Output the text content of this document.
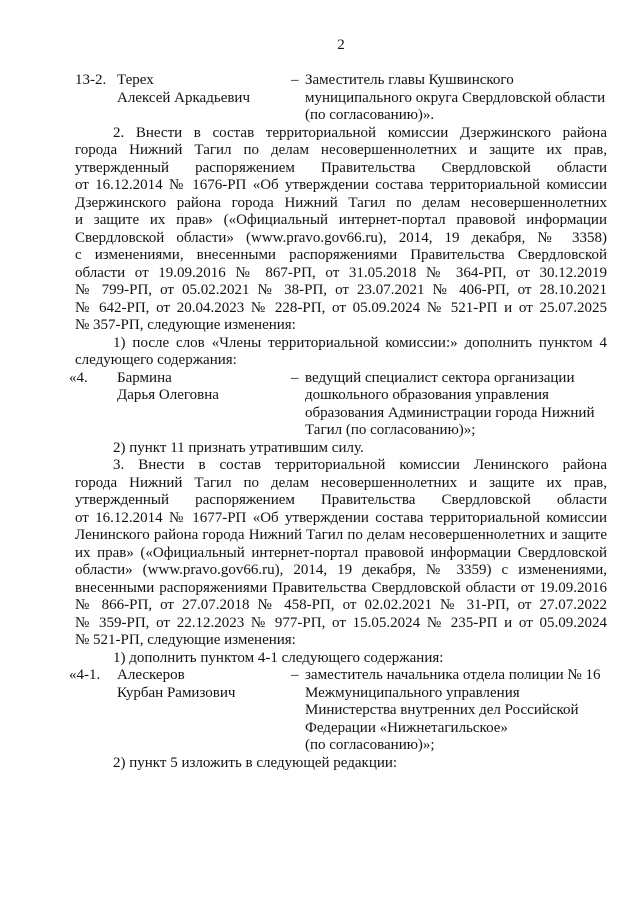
2
13-2. Терех
Алексей Аркадьевич
– Заместитель главы Кушвинского
муниципального округа Свердловской области
(по согласованию)».
2. Внести в состав территориальной комиссии Дзержинского района
города Нижний Тагил по делам несовершеннолетних и защите их прав,
утвержденный распоряжением Правительства Свердловской области
от 16.12.2014 № 1676-РП «Об утверждении состава территориальной комиссии
Дзержинского района города Нижний Тагил по делам несовершеннолетних
и защите их прав» («Официальный интернет-портал правовой информации
Свердловской области» (www.pravo.gov66.ru), 2014, 19 декабря, № 3358)
с изменениями, внесенными распоряжениями Правительства Свердловской
области от 19.09.2016 № 867-РП, от 31.05.2018 № 364-РП, от 30.12.2019
№ 799-РП, от 05.02.2021 № 38-РП, от 23.07.2021 № 406-РП, от 28.10.2021
№ 642-РП, от 20.04.2023 № 228-РП, от 05.09.2024 № 521-РП и от 25.07.2025
№ 357-РП, следующие изменения:
1) после слов «Члены территориальной комиссии:» дополнить пунктом 4
следующего содержания:
«4.	Бармина
Дарья Олеговна
– ведущий специалист сектора организации
дошкольного образования управления
образования Администрации города Нижний
Тагил (по согласованию)»;
2) пункт 11 признать утратившим силу.
3. Внести в состав территориальной комиссии Ленинского района
города Нижний Тагил по делам несовершеннолетних и защите их прав,
утвержденный распоряжением Правительства Свердловской области
от 16.12.2014 № 1677-РП «Об утверждении состава территориальной комиссии
Ленинского района города Нижний Тагил по делам несовершеннолетних и защите
их прав» («Официальный интернет-портал правовой информации Свердловской
области» (www.pravo.gov66.ru), 2014, 19 декабря, № 3359) с изменениями,
внесенными распоряжениями Правительства Свердловской области от 19.09.2016
№ 866-РП, от 27.07.2018 № 458-РП, от 02.02.2021 № 31-РП, от 27.07.2022
№ 359-РП, от 22.12.2023 № 977-РП, от 15.05.2024 № 235-РП и от 05.09.2024
№ 521-РП, следующие изменения:
1) дополнить пунктом 4-1 следующего содержания:
«4-1.	Алескеров
Курбан Рамизович
– заместитель начальника отдела полиции № 16
Межмуниципального управления
Министерства внутренних дел Российской
Федерации «Нижнетагильское»
(по согласованию)»;
2) пункт 5 изложить в следующей редакции:
